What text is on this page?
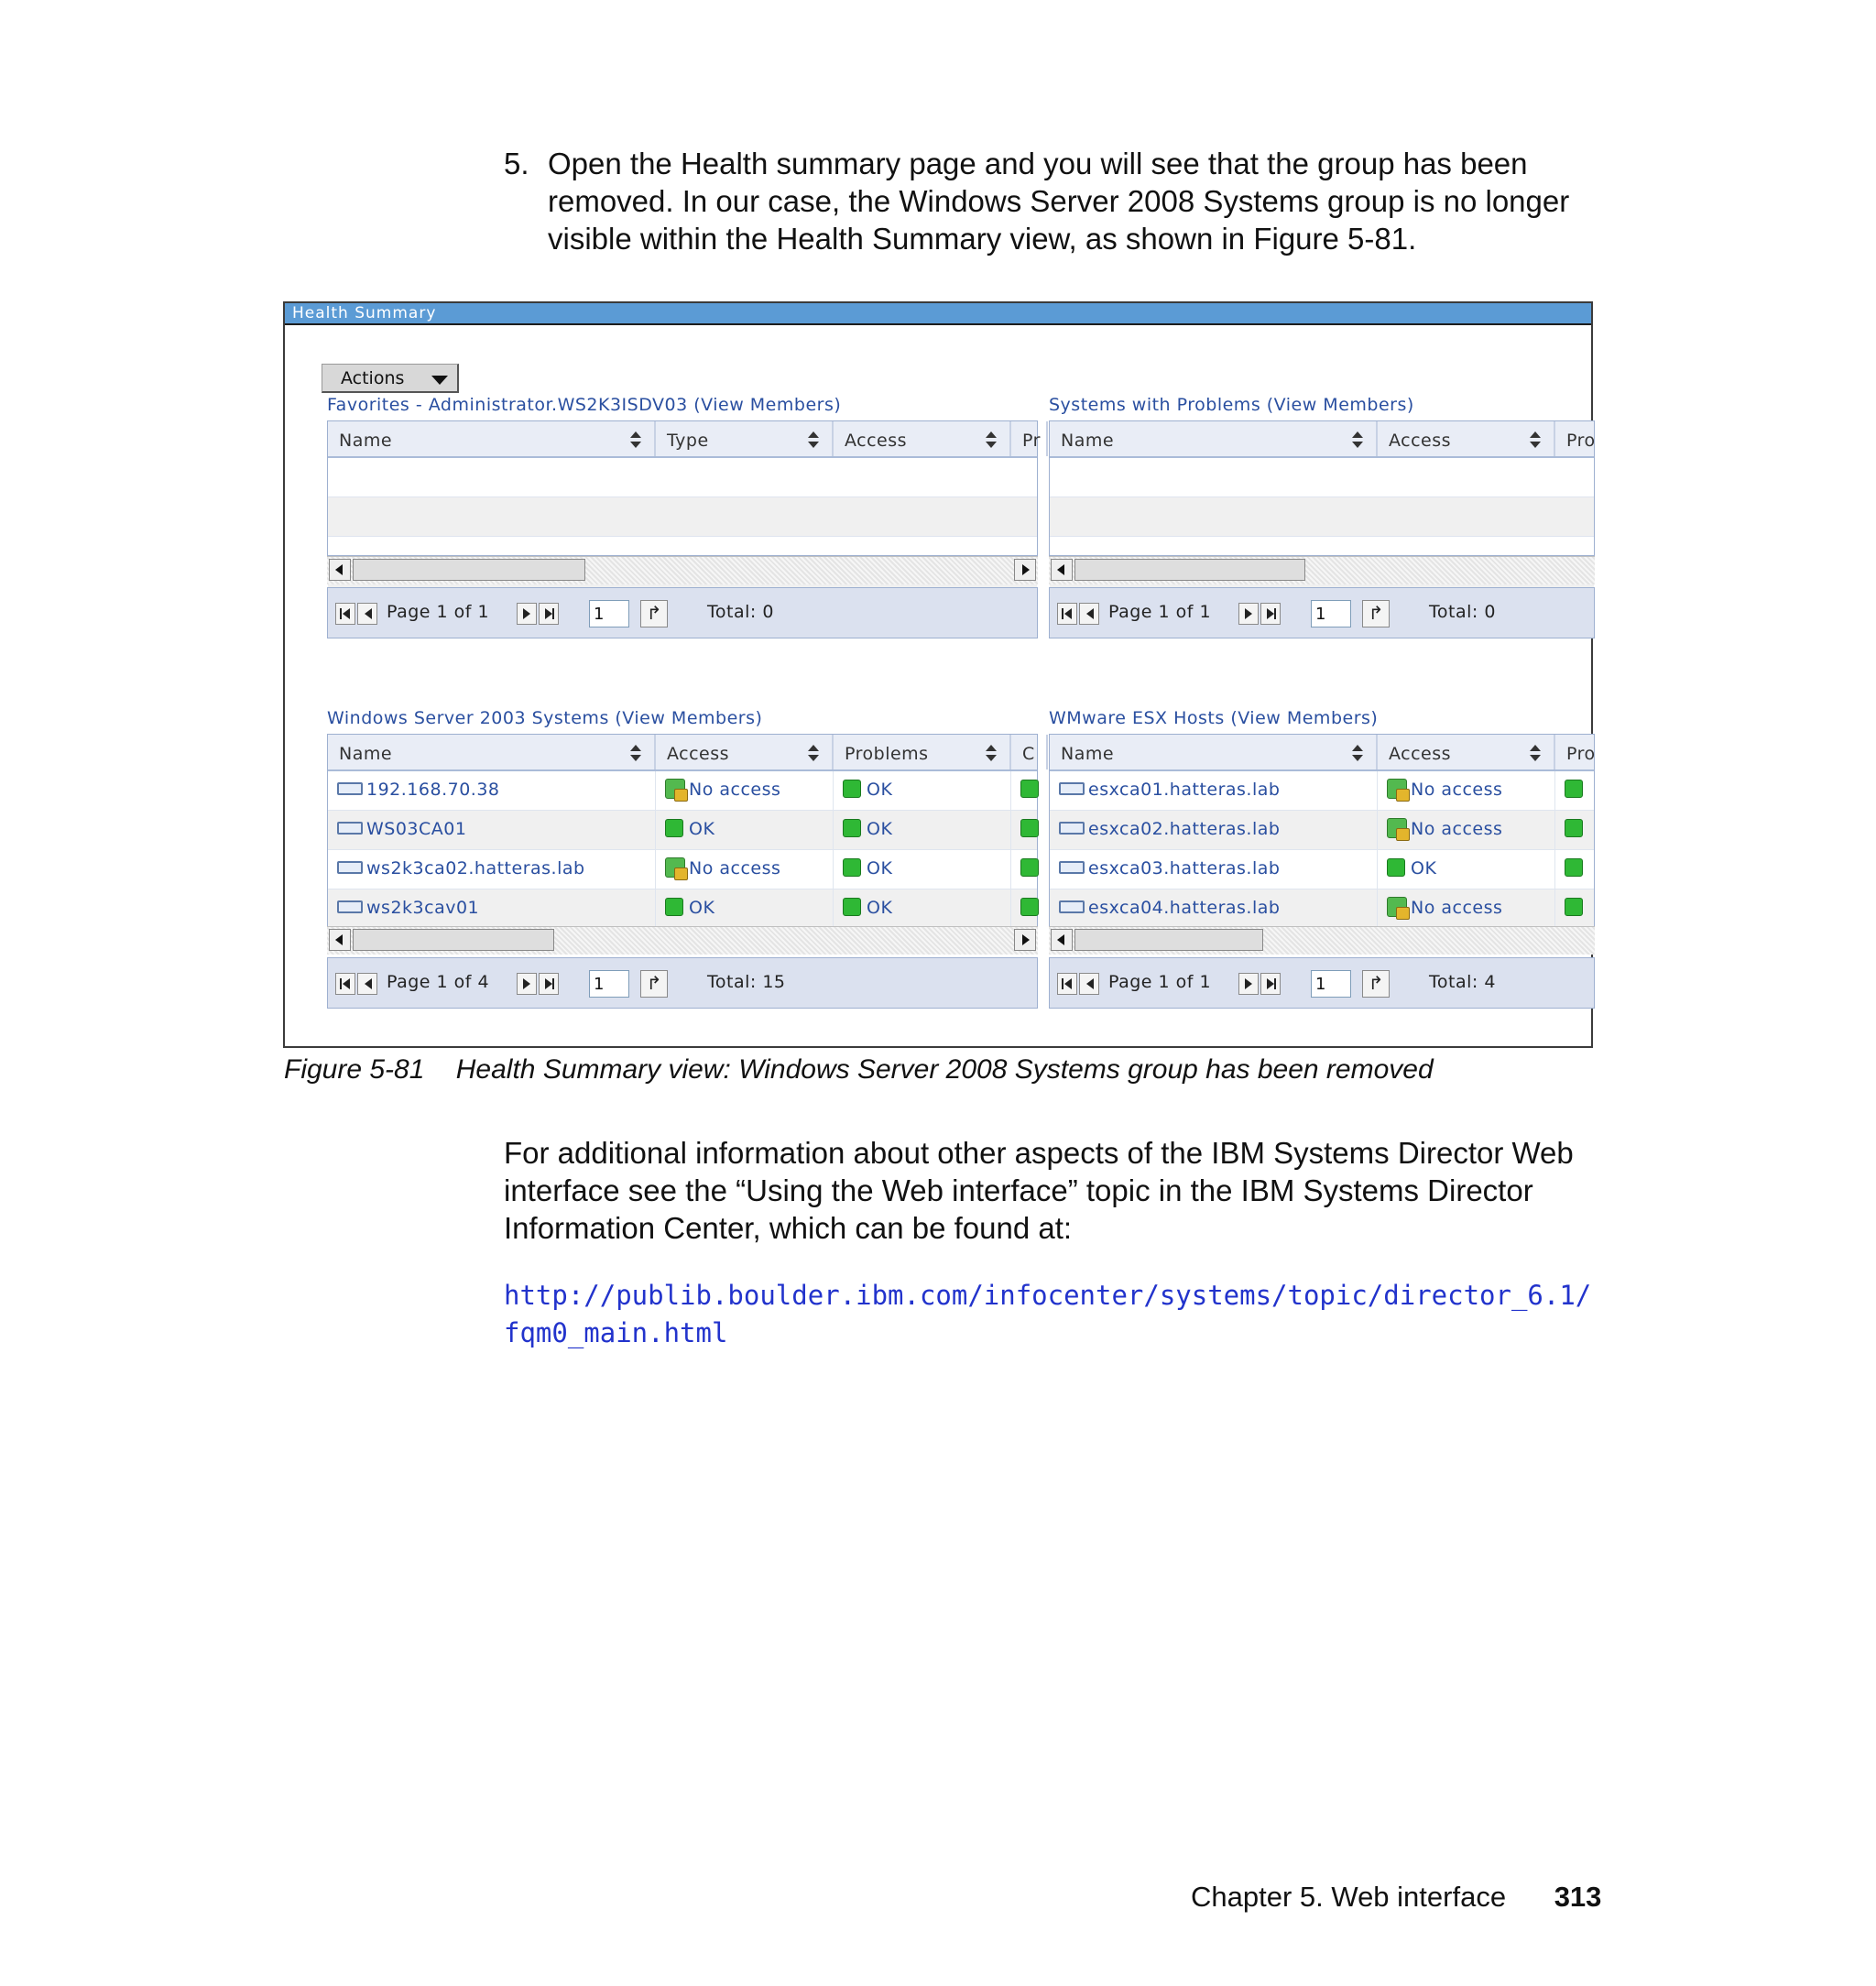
5. Open the Health summary page and you will see that the group has been removed. In our case, the Windows Server 2008 Systems group is no longer visible within the Health Summary view, as shown in Figure 5-81.
Health Summary
Actions
Favorites - Administrator.WS2K3ISDV03 (View Members)
Name	Type	Access	Pr
Page 1 of 1	1	↱	Total: 0
Systems with Problems (View Members)
Name	Access	Pro
Page 1 of 1	1	↱	Total: 0
Windows Server 2003 Systems (View Members)
Name	Access	Problems	C
192.168.70.38	No access	OK
WS03CA01	OK	OK
ws2k3ca02.hatteras.lab	No access	OK
ws2k3cav01	OK	OK
Page 1 of 4	1	↱	Total: 15
WMware ESX Hosts (View Members)
Name	Access	Pro
esxca01.hatteras.lab	No access
esxca02.hatteras.lab	No access
esxca03.hatteras.lab	OK
esxca04.hatteras.lab	No access
Page 1 of 1	1	↱	Total: 4
Figure 5-81 Health Summary view: Windows Server 2008 Systems group has been removed
For additional information about other aspects of the IBM Systems Director Web interface see the “Using the Web interface” topic in the IBM Systems Director Information Center, which can be found at:
http://publib.boulder.ibm.com/infocenter/systems/topic/director_6.1/fqm0_main.html
Chapter 5. Web interface 313
